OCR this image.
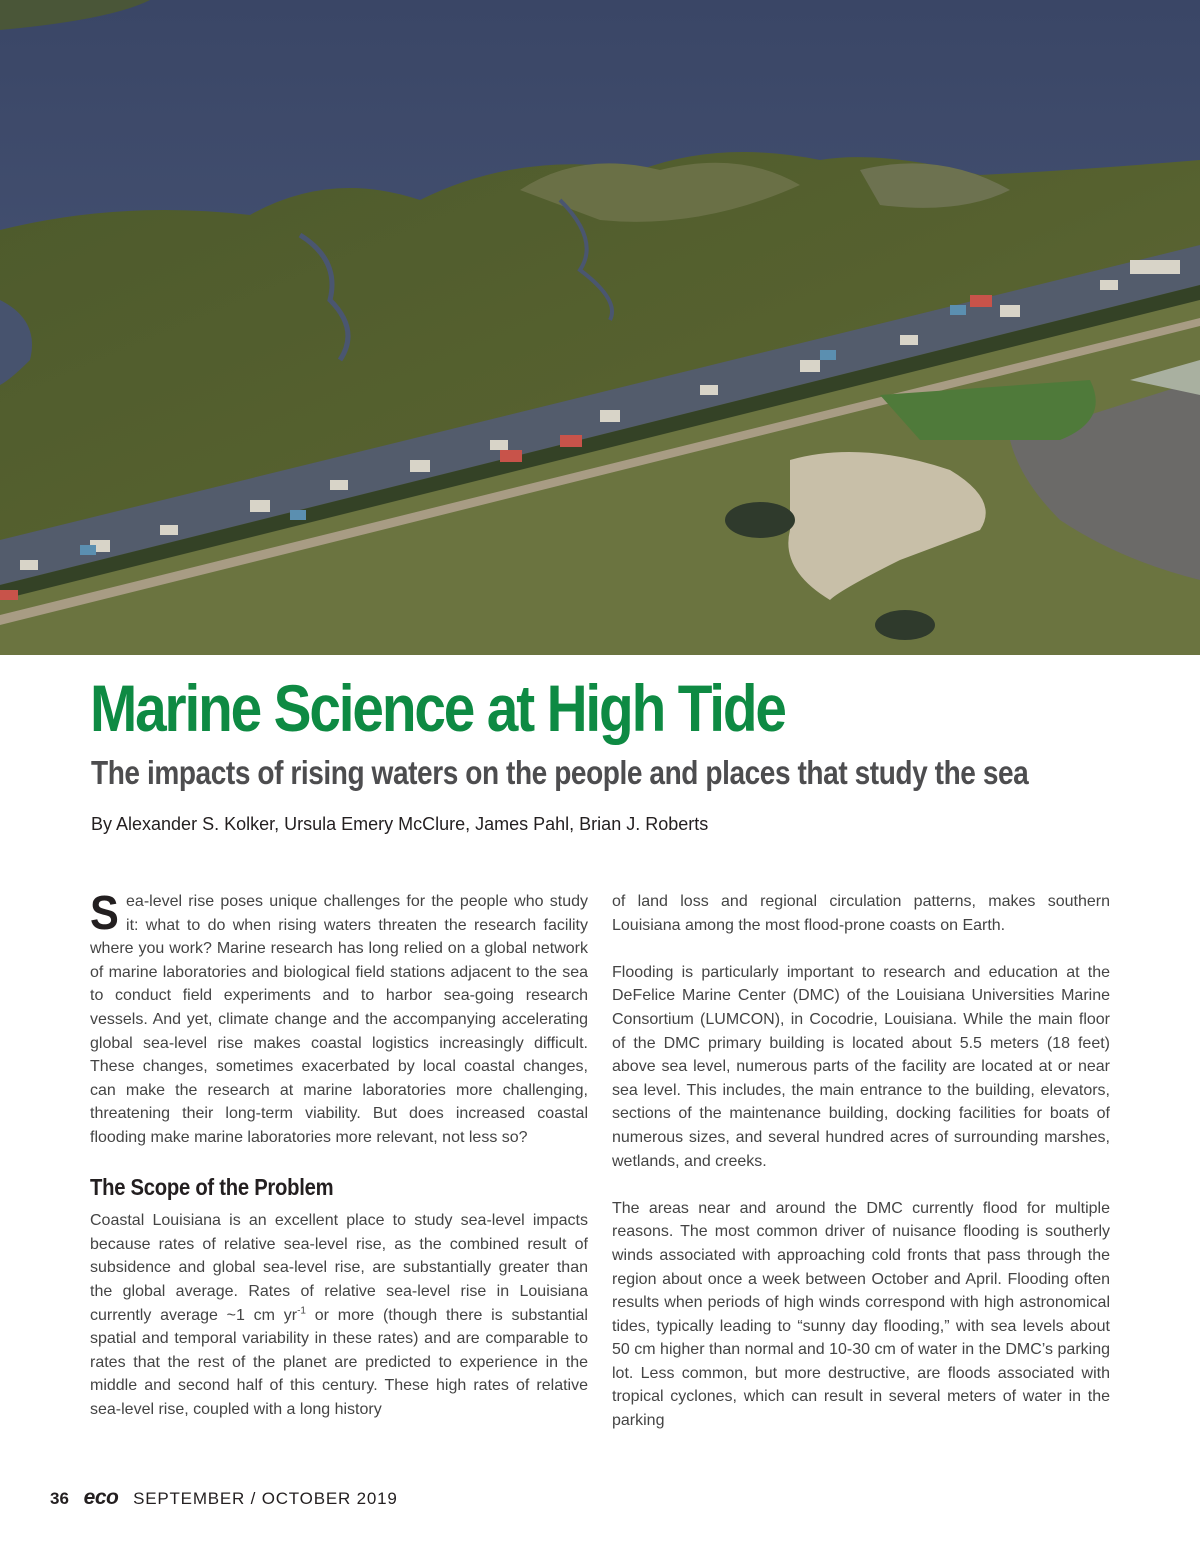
Marine Science at High Tide
The impacts of rising waters on the people and places that study the sea

By Alexander S. Kolker, Ursula Emery McClure, James Pahl, Brian J. Roberts

Sea-level rise poses unique challenges for the people who study it: what to do when rising waters threaten the research facility where you work? Marine research has long relied on a global network of marine laboratories and biological field stations adjacent to the sea to conduct field experiments and to harbor sea-going research vessels. And yet, climate change and the accompanying accelerating global sea-level rise makes coastal logistics increasingly difficult. These changes, sometimes exacerbated by local coastal changes, can make the research at marine laboratories more challenging, threatening their long-term viability. But does increased coastal flooding make marine laboratories more relevant, not less so?

The Scope of the Problem

Coastal Louisiana is an excellent place to study sea-level impacts because rates of relative sea-level rise, as the combined result of subsidence and global sea-level rise, are substantially greater than the global average. Rates of relative sea-level rise in Louisiana currently average ~1 cm $yr^{-1}$ or more (though there is substantial spatial and temporal variability in these rates) and are comparable to rates that the rest of the planet are predicted to experience in the middle and second half of this century. These high rates of relative sea-level rise, coupled with a long history

of land loss and regional circulation patterns, makes southern Louisiana among the most flood-prone coasts on Earth.

Flooding is particularly important to research and education at the DeFelice Marine Center (DMC) of the Louisiana Universities Marine Consortium (LUMCON), in Cocodrie, Louisiana. While the main floor of the DMC primary building is located about 5.5 meters (18 feet) above sea level, numerous parts of the facility are located at or near sea level. This includes, the main entrance to the building, elevators, sections of the maintenance building, docking facilities for boats of numerous sizes, and several hundred acres of surrounding marshes, wetlands, and creeks.

The areas near and around the DMC currently flood for multiple reasons. The most common driver of nuisance flooding is southerly winds associated with approaching cold fronts that pass through the region about once a week between October and April. Flooding often results when periods of high winds correspond with high astronomical tides, typically leading to “sunny day flooding,” with sea levels about 50 cm higher than normal and 10-30 cm of water in the DMC’s parking lot. Less common, but more destructive, are floods associated with tropical cyclones, which can result in several meters of water in the parking

36 eco SEPTEMBER / OCTOBER 2019
